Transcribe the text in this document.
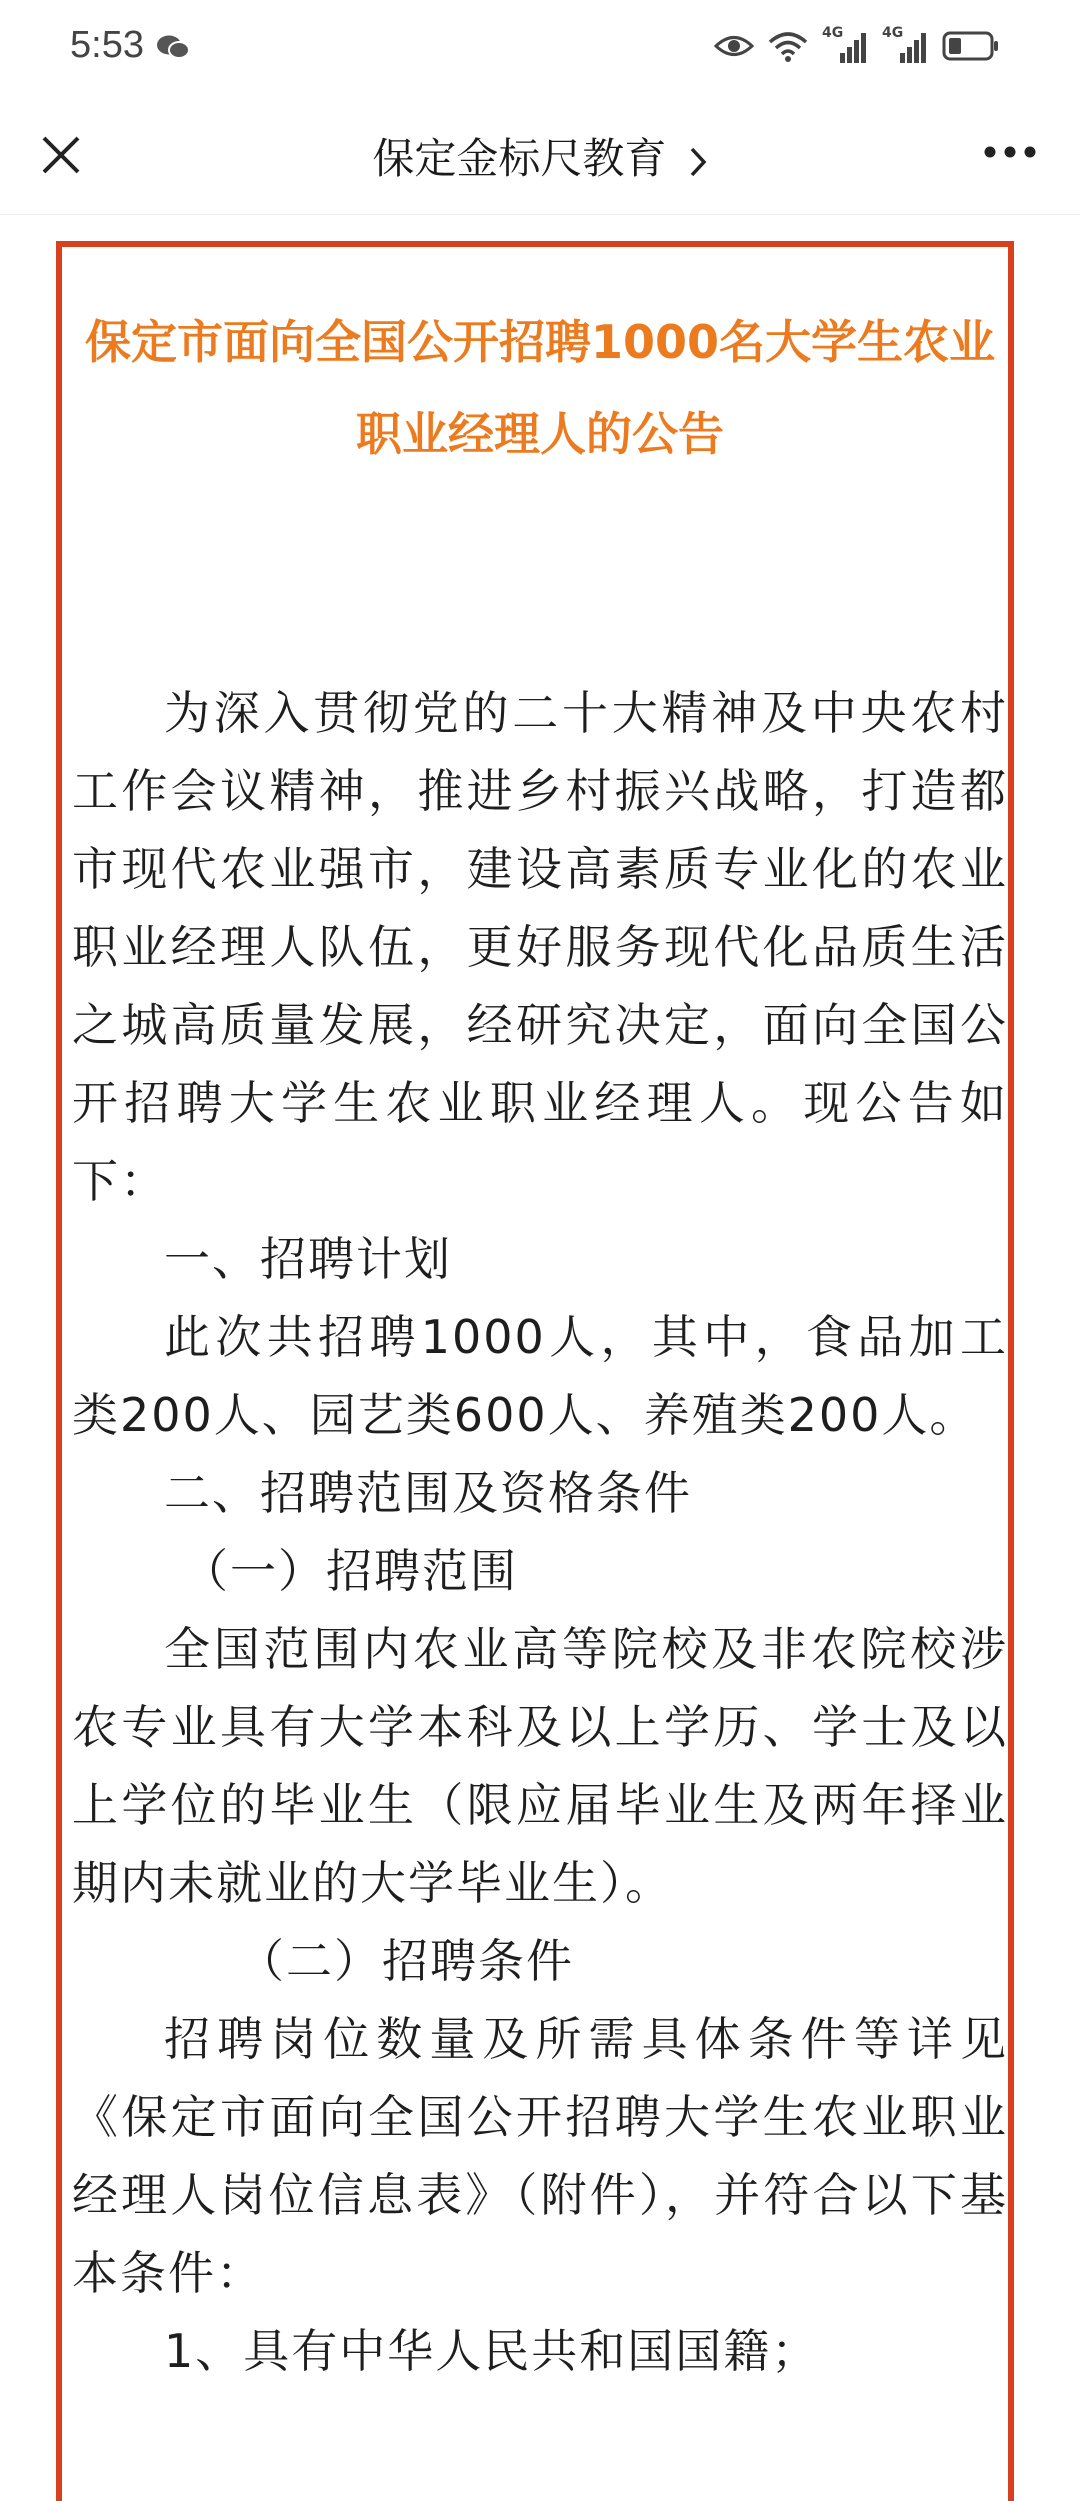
5:53	4G	4G
保定金标尺教育
保定市面向全国公开招聘1000名大学生农业职业经理人的公告

为深入贯彻党的二十大精神及中央农村工作会议精神，推进乡村振兴战略，打造都市现代农业强市，建设高素质专业化的农业职业经理人队伍，更好服务现代化品质生活之城高质量发展，经研究决定，面向全国公开招聘大学生农业职业经理人。现公告如下：

一、招聘计划

此次共招聘1000人，其中，食品加工类200人、园艺类600人、养殖类200人。

二、招聘范围及资格条件

（一）招聘范围

全国范围内农业高等院校及非农院校涉农专业具有大学本科及以上学历、学士及以上学位的毕业生（限应届毕业生及两年择业期内未就业的大学毕业生）。

（二）招聘条件

招聘岗位数量及所需具体条件等详见《保定市面向全国公开招聘大学生农业职业经理人岗位信息表》（附件），并符合以下基本条件：

1、具有中华人民共和国国籍；
